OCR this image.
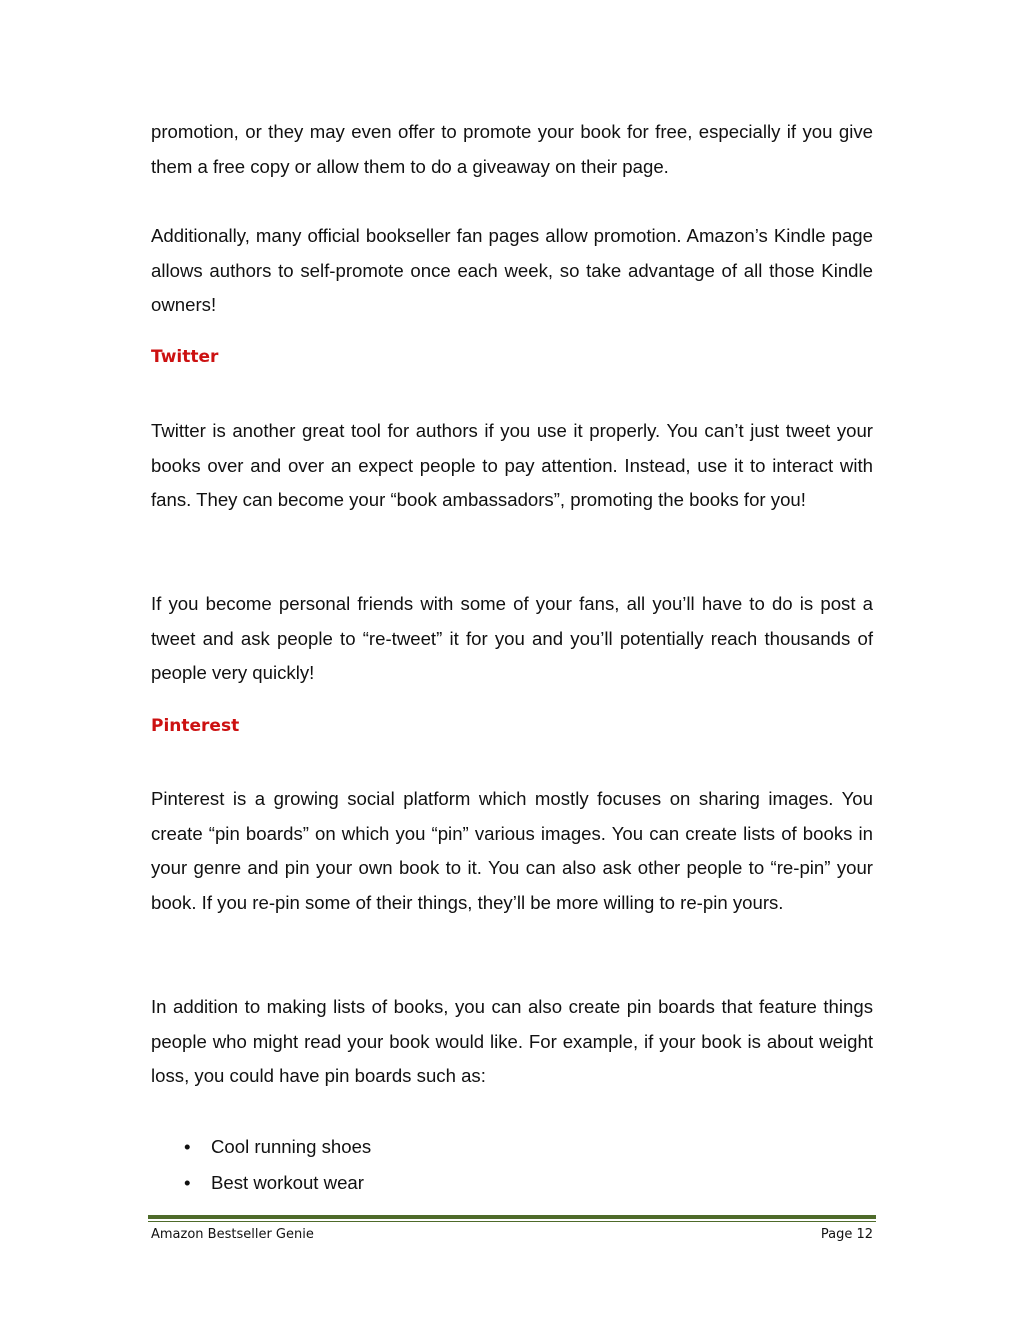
promotion, or they may even offer to promote your book for free, especially if you give them a free copy or allow them to do a giveaway on their page.

Additionally, many official bookseller fan pages allow promotion. Amazon’s Kindle page allows authors to self-promote once each week, so take advantage of all those Kindle owners!

Twitter

Twitter is another great tool for authors if you use it properly. You can’t just tweet your books over and over an expect people to pay attention. Instead, use it to interact with fans. They can become your “book ambassadors”, promoting the books for you!

If you become personal friends with some of your fans, all you’ll have to do is post a tweet and ask people to “re-tweet” it for you and you’ll potentially reach thousands of people very quickly!

Pinterest

Pinterest is a growing social platform which mostly focuses on sharing images. You create “pin boards” on which you “pin” various images. You can create lists of books in your genre and pin your own book to it. You can also ask other people to “re-pin” your book. If you re-pin some of their things, they’ll be more willing to re-pin yours.

In addition to making lists of books, you can also create pin boards that feature things people who might read your book would like. For example, if your book is about weight loss, you could have pin boards such as:

• Cool running shoes
• Best workout wear
Amazon Bestseller Genie	Page 12
